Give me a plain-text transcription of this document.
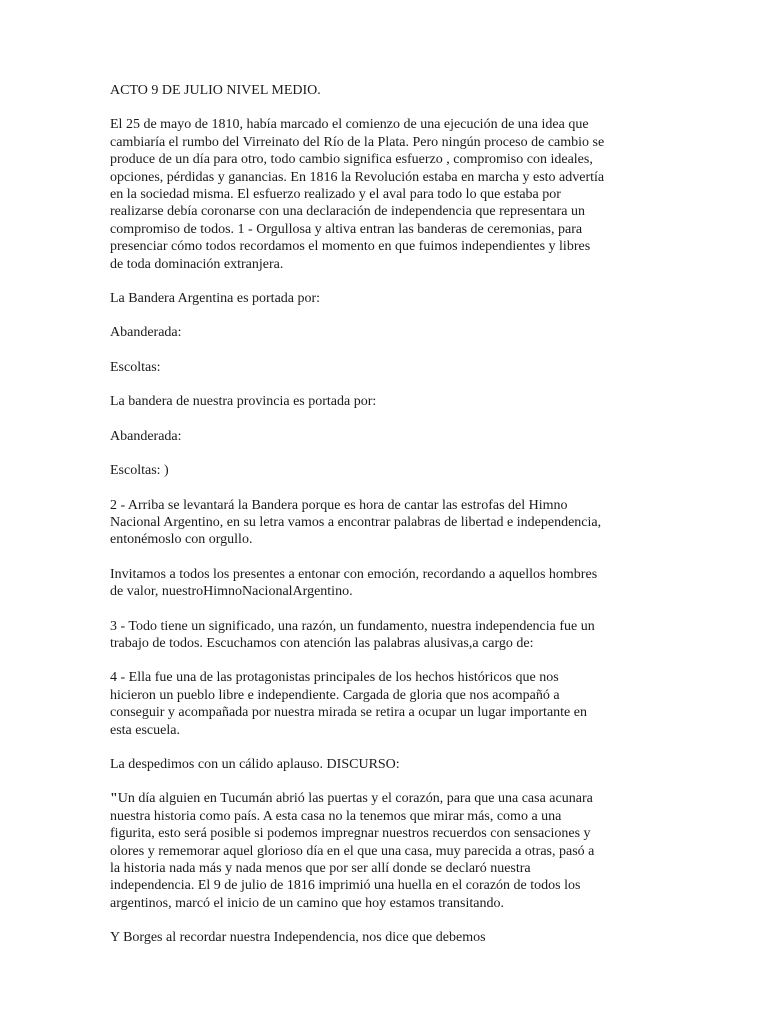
ACTO 9 DE JULIO NIVEL MEDIO.

El 25 de mayo de 1810, había marcado el comienzo de una ejecución de una idea que
cambiaría el rumbo del Virreinato del Río de la Plata. Pero ningún proceso de cambio se
produce de un día para otro, todo cambio significa esfuerzo , compromiso con ideales,
opciones, pérdidas y ganancias. En 1816 la Revolución estaba en marcha y esto advertía
en la sociedad misma. El esfuerzo realizado y el aval para todo lo que estaba por
realizarse debía coronarse con una declaración de independencia que representara un
compromiso de todos. 1 - Orgullosa y altiva entran las banderas de ceremonias, para
presenciar cómo todos recordamos el momento en que fuimos independientes y libres
de toda dominación extranjera.

La Bandera Argentina es portada por:

Abanderada:

Escoltas:

La bandera de nuestra provincia es portada por:

Abanderada:

Escoltas: )

2 - Arriba se levantará la Bandera porque es hora de cantar las estrofas del Himno
Nacional Argentino, en su letra vamos a encontrar palabras de libertad e independencia,
entonémoslo con orgullo.

Invitamos a todos los presentes a entonar con emoción, recordando a aquellos hombres
de valor, nuestroHimnoNacionalArgentino.

3 - Todo tiene un significado, una razón, un fundamento, nuestra independencia fue un
trabajo de todos. Escuchamos con atención las palabras alusivas,a cargo de:

4 - Ella fue una de las protagonistas principales de los hechos históricos que nos
hicieron un pueblo libre e independiente. Cargada de gloria que nos acompañó a
conseguir y acompañada por nuestra mirada se retira a ocupar un lugar importante en
esta escuela.

La despedimos con un cálido aplauso. DISCURSO:

"Un día alguien en Tucumán abrió las puertas y el corazón, para que una casa acunara
nuestra historia como país. A esta casa no la tenemos que mirar más, como a una
figurita, esto será posible si podemos impregnar nuestros recuerdos con sensaciones y
olores y rememorar aquel glorioso día en el que una casa, muy parecida a otras, pasó a
la historia nada más y nada menos que por ser allí donde se declaró nuestra
independencia. El 9 de julio de 1816 imprimió una huella en el corazón de todos los
argentinos, marcó el inicio de un camino que hoy estamos transitando.

Y Borges al recordar nuestra Independencia, nos dice que debemos
